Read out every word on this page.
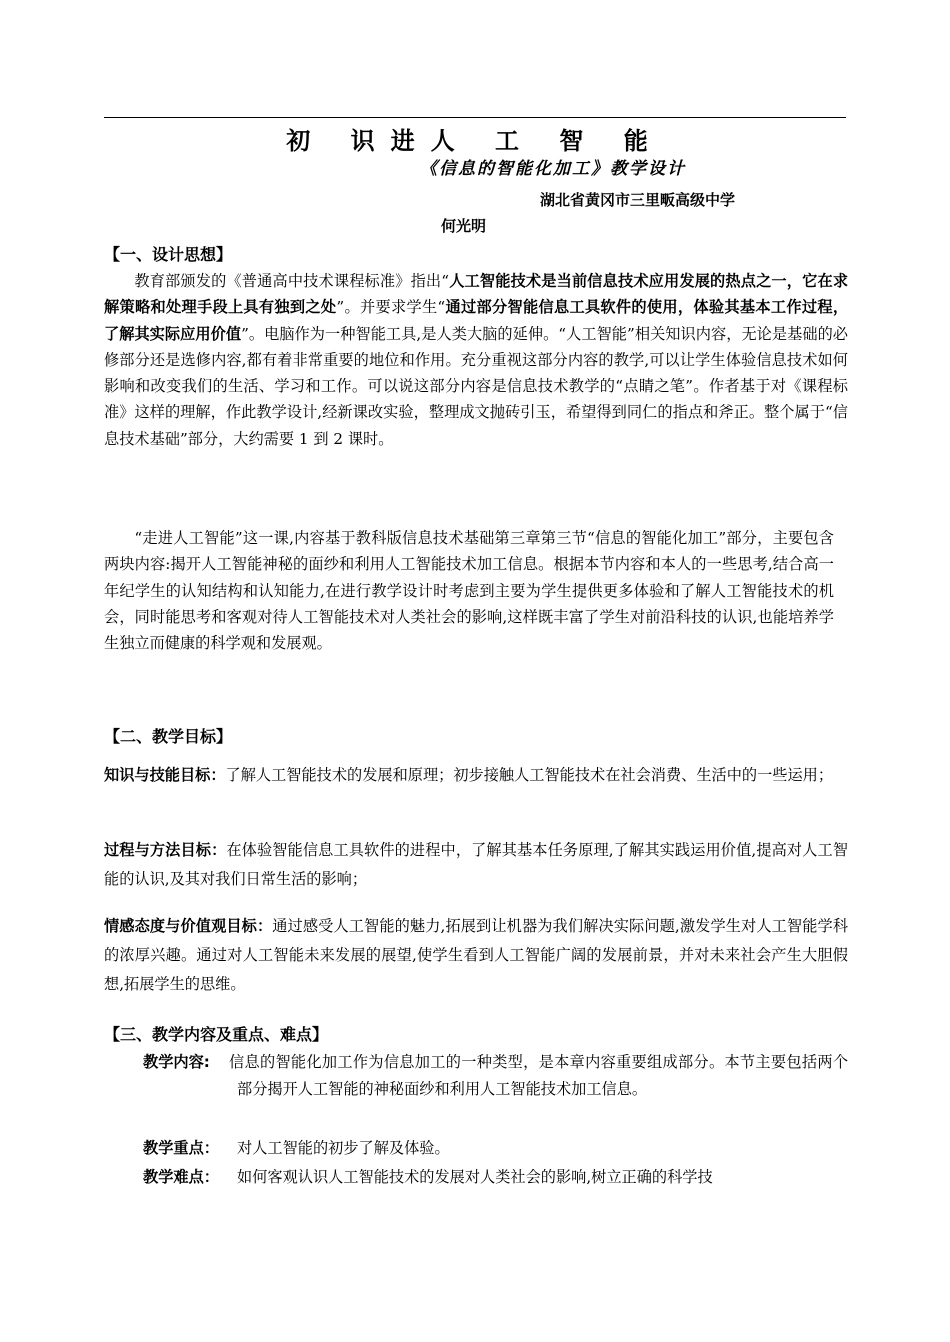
初 识进人 工 智 能
《信息的智能化加工》教学设计
湖北省黄冈市三里畈高级中学
何光明
【一、设计思想】

教育部颁发的《普通高中技术课程标准》指出“人工智能技术是当前信息技术应用发展的热点之一，它在求解策略和处理手段上具有独到之处”。并要求学生“通过部分智能信息工具软件的使用，体验其基本工作过程，了解其实际应用价值”。电脑作为一种智能工具,是人类大脑的延伸。“人工智能”相关知识内容，无论是基础的必修部分还是选修内容,都有着非常重要的地位和作用。充分重视这部分内容的教学,可以让学生体验信息技术如何影响和改变我们的生活、学习和工作。可以说这部分内容是信息技术教学的“点睛之笔”。作者基于对《课程标准》这样的理解，作此教学设计,经新课改实验，整理成文抛砖引玉，希望得到同仁的指点和斧正。整个属于“信息技术基础”部分，大约需要 1 到 2 课时。

“走进人工智能”这一课,内容基于教科版信息技术基础第三章第三节“信息的智能化加工”部分，主要包含两块内容:揭开人工智能神秘的面纱和利用人工智能技术加工信息。根据本节内容和本人的一些思考,结合高一年纪学生的认知结构和认知能力,在进行教学设计时考虑到主要为学生提供更多体验和了解人工智能技术的机会，同时能思考和客观对待人工智能技术对人类社会的影响,这样既丰富了学生对前沿科技的认识,也能培养学生独立而健康的科学观和发展观。

【二、教学目标】

知识与技能目标：了解人工智能技术的发展和原理；初步接触人工智能技术在社会消费、生活中的一些运用；

过程与方法目标：在体验智能信息工具软件的进程中，了解其基本任务原理,了解其实践运用价值,提高对人工智能的认识,及其对我们日常生活的影响；

情感态度与价值观目标：通过感受人工智能的魅力,拓展到让机器为我们解决实际问题,激发学生对人工智能学科的浓厚兴趣。通过对人工智能未来发展的展望,使学生看到人工智能广阔的发展前景，并对未来社会产生大胆假想,拓展学生的思维。

【三、教学内容及重点、难点】
教学内容: 信息的智能化加工作为信息加工的一种类型，是本章内容重要组成部分。本节主要包括两个部分揭开人工智能的神秘面纱和利用人工智能技术加工信息。
教学重点： 对人工智能的初步了解及体验。
教学难点： 如何客观认识人工智能技术的发展对人类社会的影响,树立正确的科学技
